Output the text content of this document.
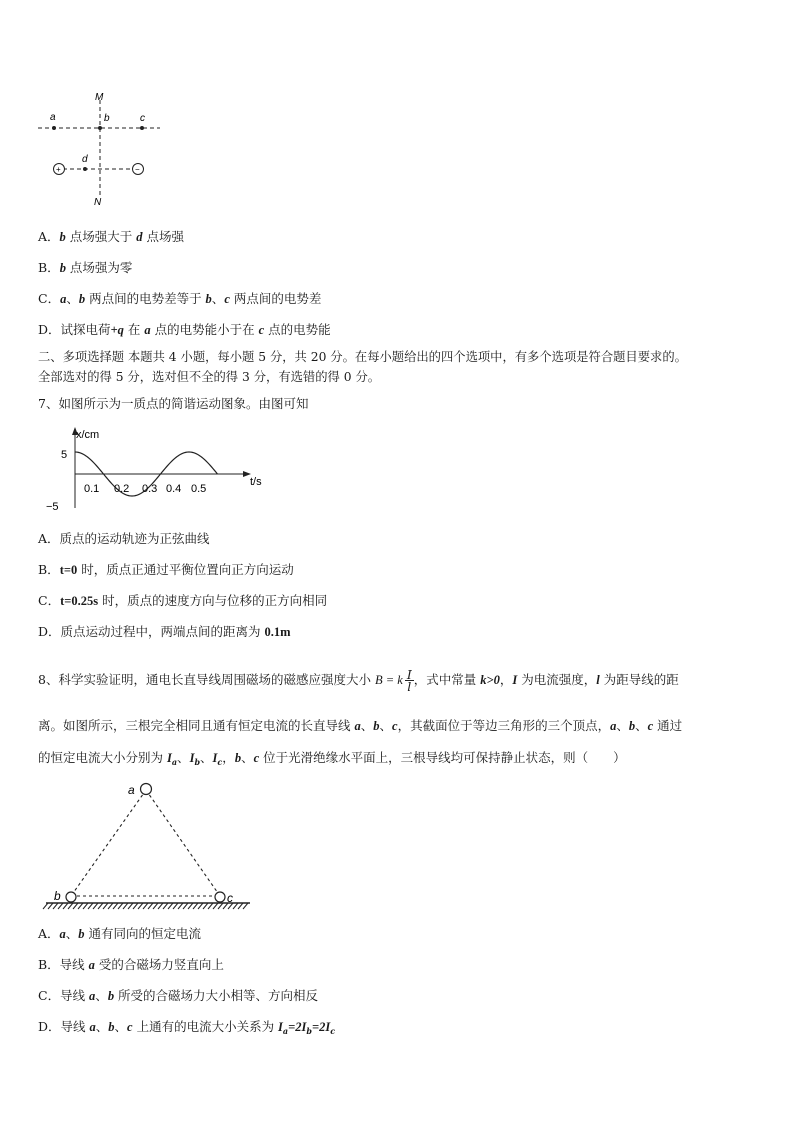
+	−
M
N
a	b	c
d
A．b 点场强大于 d 点场强
B．b 点场强为零
C．a、b 两点间的电势差等于 b、c 两点间的电势差
D．试探电荷+q 在 a 点的电势能小于在 c 点的电势能
二、多项选择题 本题共 4 小题，每小题 5 分，共 20 分。在每小题给出的四个选项中，有多个选项是符合题目要求的。
全部选对的得 5 分，选对但不全的得 3 分，有选错的得 0 分。
7、如图所示为一质点的简谐运动图象。由图可知
x/cm
t/s
5
−5
0.1 0.2 0.3 0.4 0.5
A．质点的运动轨迹为正弦曲线
B．t=0 时，质点正通过平衡位置向正方向运动
C．t=0.25s 时，质点的速度方向与位移的正方向相同
D．质点运动过程中，两端点间的距离为 0.1m
8、科学实验证明，通电长直导线周围磁场的磁感应强度大小 B = k $\frac{I}{l}$ ，式中常量 k>0，I 为电流强度，l 为距导线的距
离。如图所示，三根完全相同且通有恒定电流的长直导线 a、b、c，其截面位于等边三角形的三个顶点，a、b、c 通过
的恒定电流大小分别为 $I_a$、$I_b$、$I_c$，b、c 位于光滑绝缘水平面上，三根导线均可保持静止状态，则（　　）
a
b	c
A．a、b 通有同向的恒定电流
B．导线 a 受的合磁场力竖直向上
C．导线 a、b 所受的合磁场力大小相等、方向相反
D．导线 a、b、c 上通有的电流大小关系为 $I_a=2I_b=2I_c$
